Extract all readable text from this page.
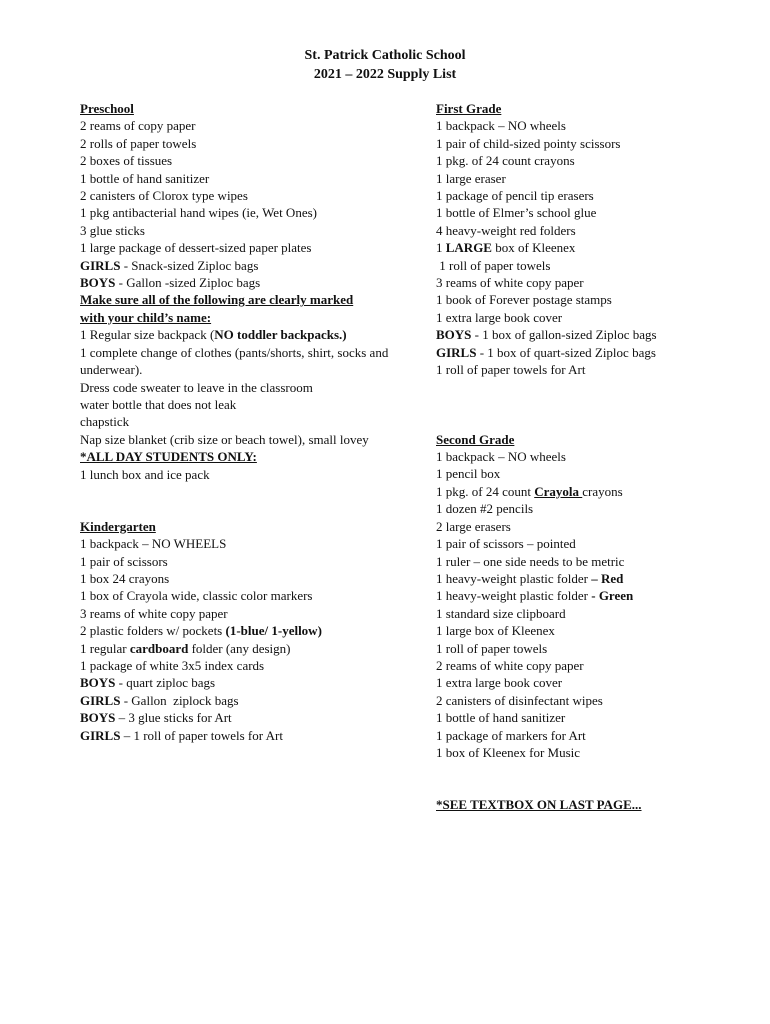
St. Patrick Catholic School
2021 – 2022 Supply List
Preschool
2 reams of copy paper
2 rolls of paper towels
2 boxes of tissues
1 bottle of hand sanitizer
2 canisters of Clorox type wipes
1 pkg antibacterial hand wipes (ie, Wet Ones)
3 glue sticks
1 large package of dessert-sized paper plates
GIRLS - Snack-sized Ziploc bags
BOYS - Gallon -sized Ziploc bags
Make sure all of the following are clearly marked
with your child’s name:
1 Regular size backpack (NO toddler backpacks.)
1 complete change of clothes (pants/shorts, shirt, socks and underwear).
Dress code sweater to leave in the classroom
water bottle that does not leak
chapstick
Nap size blanket (crib size or beach towel), small lovey
*ALL DAY STUDENTS ONLY:
1 lunch box and ice pack
Kindergarten
1 backpack – NO WHEELS
1 pair of scissors
1 box 24 crayons
1 box of Crayola wide, classic color markers
3 reams of white copy paper
2 plastic folders w/ pockets (1-blue/ 1-yellow)
1 regular cardboard folder (any design)
1 package of white 3x5 index cards
BOYS - quart ziploc bags
GIRLS - Gallon  ziplock bags
BOYS – 3 glue sticks for Art
GIRLS – 1 roll of paper towels for Art
First Grade
1 backpack – NO wheels
1 pair of child-sized pointy scissors
1 pkg. of 24 count crayons
1 large eraser
1 package of pencil tip erasers
1 bottle of Elmer’s school glue
4 heavy-weight red folders
1 LARGE box of Kleenex
1 roll of paper towels
3 reams of white copy paper
1 book of Forever postage stamps
1 extra large book cover
BOYS - 1 box of gallon-sized Ziploc bags
GIRLS - 1 box of quart-sized Ziploc bags
1 roll of paper towels for Art
Second Grade
1 backpack – NO wheels
1 pencil box
1 pkg. of 24 count Crayola crayons
1 dozen #2 pencils
2 large erasers
1 pair of scissors – pointed
1 ruler – one side needs to be metric
1 heavy-weight plastic folder – Red
1 heavy-weight plastic folder - Green
1 standard size clipboard
1 large box of Kleenex
1 roll of paper towels
2 reams of white copy paper
1 extra large book cover
2 canisters of disinfectant wipes
1 bottle of hand sanitizer
1 package of markers for Art
1 box of Kleenex for Music
*SEE TEXTBOX ON LAST PAGE...
